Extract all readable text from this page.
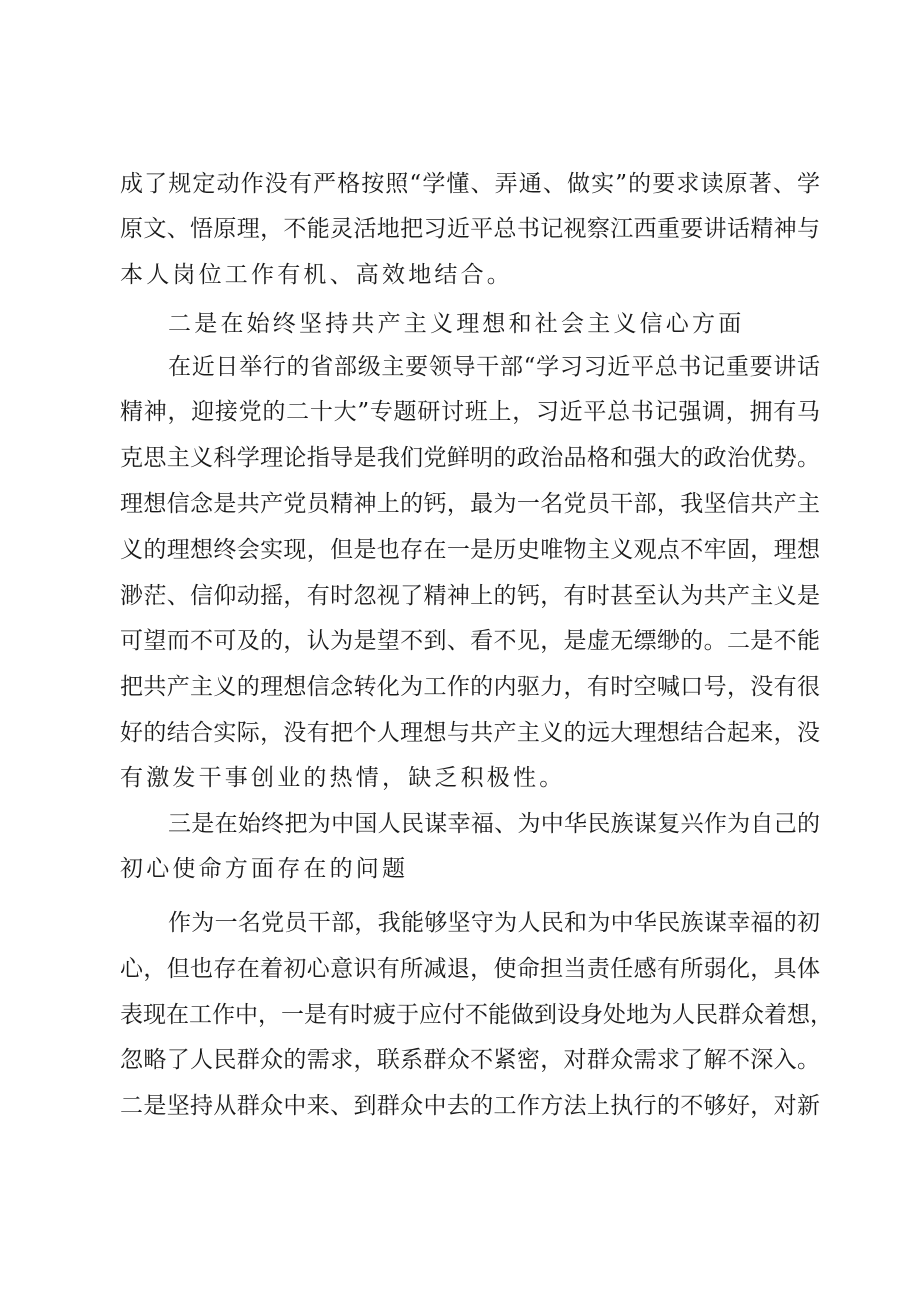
成了规定动作没有严格按照“学懂、弄通、做实”的要求读原著、学
原文、悟原理，不能灵活地把习近平总书记视察江西重要讲话精神与
本人岗位工作有机、高效地结合。
二是在始终坚持共产主义理想和社会主义信心方面
在近日举行的省部级主要领导干部“学习习近平总书记重要讲话
精神，迎接党的二十大”专题研讨班上，习近平总书记强调，拥有马
克思主义科学理论指导是我们党鲜明的政治品格和强大的政治优势。
理想信念是共产党员精神上的钙，最为一名党员干部，我坚信共产主
义的理想终会实现，但是也存在一是历史唯物主义观点不牢固，理想
渺茫、信仰动摇，有时忽视了精神上的钙，有时甚至认为共产主义是
可望而不可及的，认为是望不到、看不见，是虚无缥缈的。二是不能
把共产主义的理想信念转化为工作的内驱力，有时空喊口号，没有很
好的结合实际，没有把个人理想与共产主义的远大理想结合起来，没
有激发干事创业的热情，缺乏积极性。
三是在始终把为中国人民谋幸福、为中华民族谋复兴作为自己的
初心使命方面存在的问题
作为一名党员干部，我能够坚守为人民和为中华民族谋幸福的初
心，但也存在着初心意识有所减退，使命担当责任感有所弱化，具体
表现在工作中，一是有时疲于应付不能做到设身处地为人民群众着想，
忽略了人民群众的需求，联系群众不紧密，对群众需求了解不深入。
二是坚持从群众中来、到群众中去的工作方法上执行的不够好，对新
